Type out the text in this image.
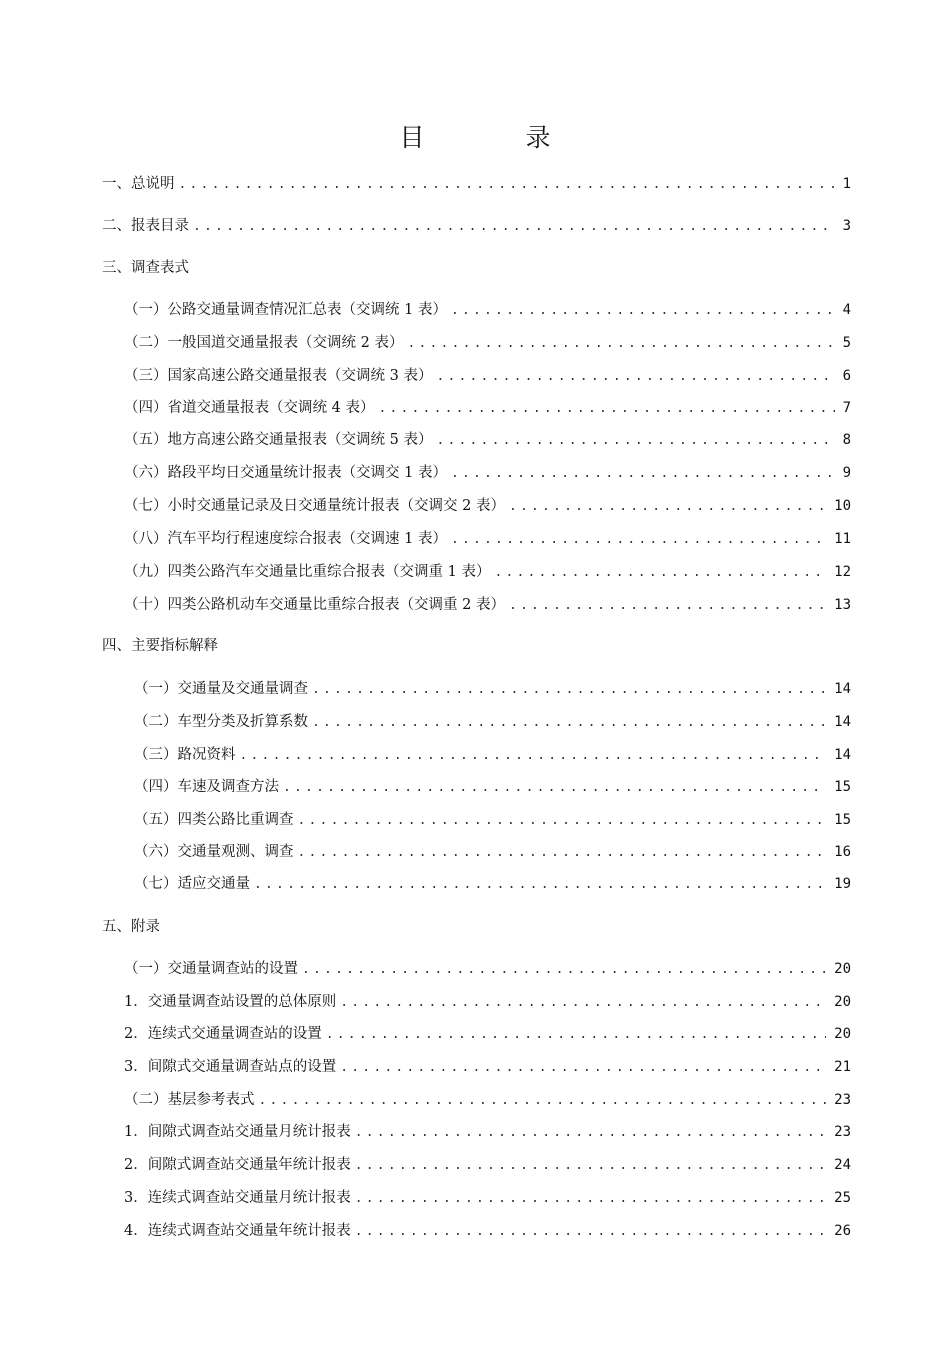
目　录
一、总说明 .....	1
二、报表目录 .....	3
三、调查表式
（一）公路交通量调查情况汇总表（交调统 1 表） .....	4
（二）一般国道交通量报表（交调统 2 表） .....	5
（三）国家高速公路交通量报表（交调统 3 表） .....	6
（四）省道交通量报表（交调统 4 表） .....	7
（五）地方高速公路交通量报表（交调统 5 表） .....	8
（六）路段平均日交通量统计报表（交调交 1 表） .....	9
（七）小时交通量记录及日交通量统计报表（交调交 2 表） .....	10
（八）汽车平均行程速度综合报表（交调速 1 表） .....	11
（九）四类公路汽车交通量比重综合报表（交调重 1 表） .....	12
（十）四类公路机动车交通量比重综合报表（交调重 2 表） .....	13
四、主要指标解释
（一）交通量及交通量调查 .....	14
（二）车型分类及折算系数 .....	14
（三）路况资料 .....	14
（四）车速及调查方法 .....	15
（五）四类公路比重调查 .....	15
（六）交通量观测、调查 .....	16
（七）适应交通量 .....	19
五、附录
（一）交通量调查站的设置 .....	20
1．交通量调查站设置的总体原则 .....	20
2．连续式交通量调查站的设置 .....	20
3．间隙式交通量调查站点的设置 .....	21
（二）基层参考表式 .....	23
1．间隙式调查站交通量月统计报表 .....	23
2．间隙式调查站交通量年统计报表 .....	24
3．连续式调查站交通量月统计报表 .....	25
4．连续式调查站交通量年统计报表 .....	26
